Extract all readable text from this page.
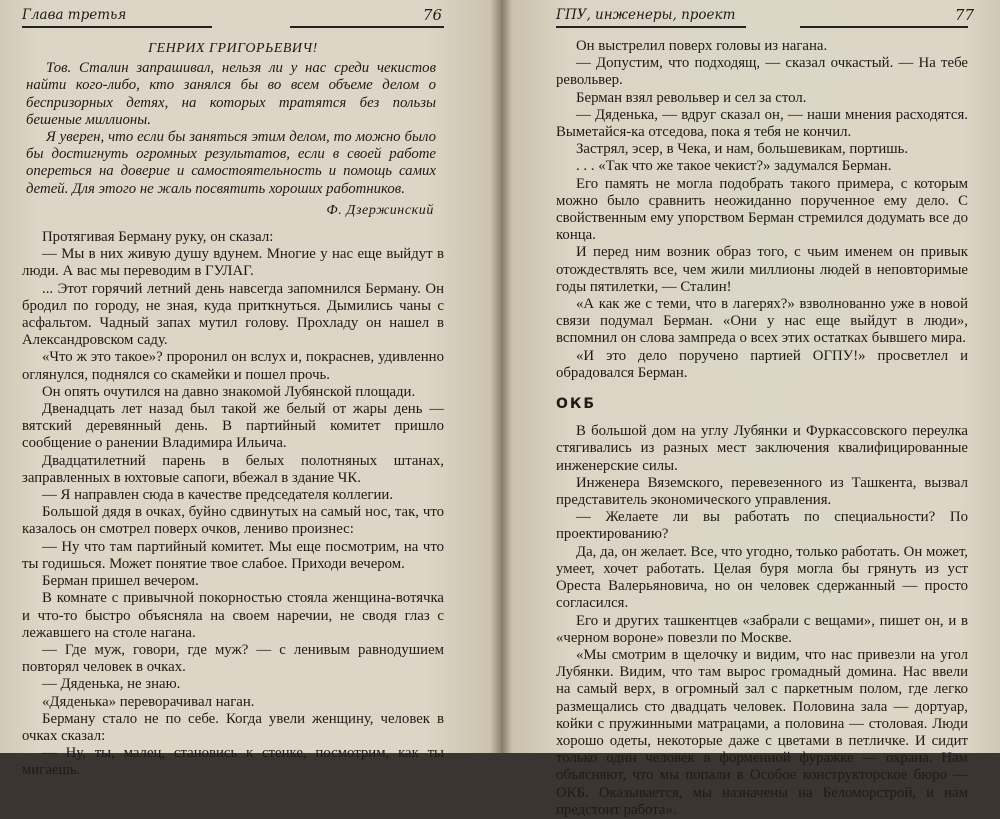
Глава третья	76
ГЕНРИХ ГРИГОРЬЕВИЧ!

Тов. Сталин запрашивал, нельзя ли у нас среди чекистов найти кого-либо, кто занялся бы во всем объеме делом о беспризорных детях, на которых тратятся без пользы бешеные миллионы.

Я уверен, что если бы заняться этим делом, то можно было бы достигнуть огромных результатов, если в своей работе опереться на доверие и самостоятельность и помощь самих детей. Для этого не жаль посвятить хороших работников.

Ф. Дзержинский

Протягивая Берману руку, он сказал:

— Мы в них живую душу вдунем. Многие у нас еще выйдут в люди. А вас мы переводим в ГУЛАГ.

... Этот горячий летний день навсегда запомнился Берману. Он бродил по городу, не зная, куда приткнуться. Дымились чаны с асфальтом. Чадный запах мутил голову. Прохладу он нашел в Александровском саду.

«Что ж это такое»? проронил он вслух и, покраснев, удивленно оглянулся, поднялся со скамейки и пошел прочь.

Он опять очутился на давно знакомой Лубянской площади.

Двенадцать лет назад был такой же белый от жары день — вятский деревянный день. В партийный комитет пришло сообщение о ранении Владимира Ильича.

Двадцатилетний парень в белых полотняных штанах, заправленных в юхтовые сапоги, вбежал в здание ЧК.

— Я направлен сюда в качестве председателя коллегии.

Большой дядя в очках, буйно сдвинутых на самый нос, так, что казалось он смотрел поверх очков, лениво произнес:

— Ну что там партийный комитет. Мы еще посмотрим, на что ты годишься. Может понятие твое слабое. Приходи вечером.

Берман пришел вечером.

В комнате с привычной покорностью стояла женщина-вотячка и что-то быстро объясняла на своем наречии, не сводя глаз с лежавшего на столе нагана.

— Где муж, говори, где муж? — с ленивым равнодушием повторял человек в очках.

— Дяденька, не знаю.

«Дяденька» переворачивал наган.

Берману стало не по себе. Когда увели женщину, человек в очках сказал:

— Ну, ты, малец, становись к стенке, посмотрим, как ты мигаешь.

ГПУ, инженеры, проект	77

Он выстрелил поверх головы из нагана.

— Допустим, что подходящ, — сказал очкастый. — На тебе револьвер.

Берман взял револьвер и сел за стол.

— Дяденька, — вдруг сказал он, — наши мнения расходятся. Выметайся-ка отседова, пока я тебя не кончил.

Застрял, эсер, в Чека, и нам, большевикам, портишь.

. . . «Так что же такое чекист?» задумался Берман.

Его память не могла подобрать такого примера, с которым можно было сравнить неожиданно порученное ему дело. С свойственным ему упорством Берман стремился додумать все до конца.

И перед ним возник образ того, с чьим именем он привык отождествлять все, чем жили миллионы людей в неповторимые годы пятилетки, — Сталин!

«А как же с теми, что в лагерях?» взволнованно уже в новой связи подумал Берман. «Они у нас еще выйдут в люди», вспомнил он слова зампреда о всех этих остатках бывшего мира.

«И это дело поручено партией ОГПУ!» просветлел и обрадовался Берман.

ОКБ

В большой дом на углу Лубянки и Фуркассовского переулка стягивались из разных мест заключения квалифицированные инженерские силы.

Инженера Вяземского, перевезенного из Ташкента, вызвал представитель экономического управления.

— Желаете ли вы работать по специальности? По проектированию?

Да, да, он желает. Все, что угодно, только работать. Он может, умеет, хочет работать. Целая буря могла бы грянуть из уст Ореста Валерьяновича, но он человек сдержанный — просто согласился.

Его и других ташкентцев «забрали с вещами», пишет он, и в «черном вороне» повезли по Москве.

«Мы смотрим в щелочку и видим, что нас привезли на угол Лубянки. Видим, что там вырос громадный домина. Нас ввели на самый верх, в огромный зал с паркетным полом, где легко размещались сто двадцать человек. Половина зала — дортуар, койки с пружинными матрацами, а половина — столовая. Люди хорошо одеты, некоторые даже с цветами в петличке. И сидит только один человек в форменной фуражке — охрана. Нам объясняют, что мы попали в Особое конструкторское бюро — ОКБ. Оказывается, мы назначены на Беломорстрой, и нам предстоит работа».
